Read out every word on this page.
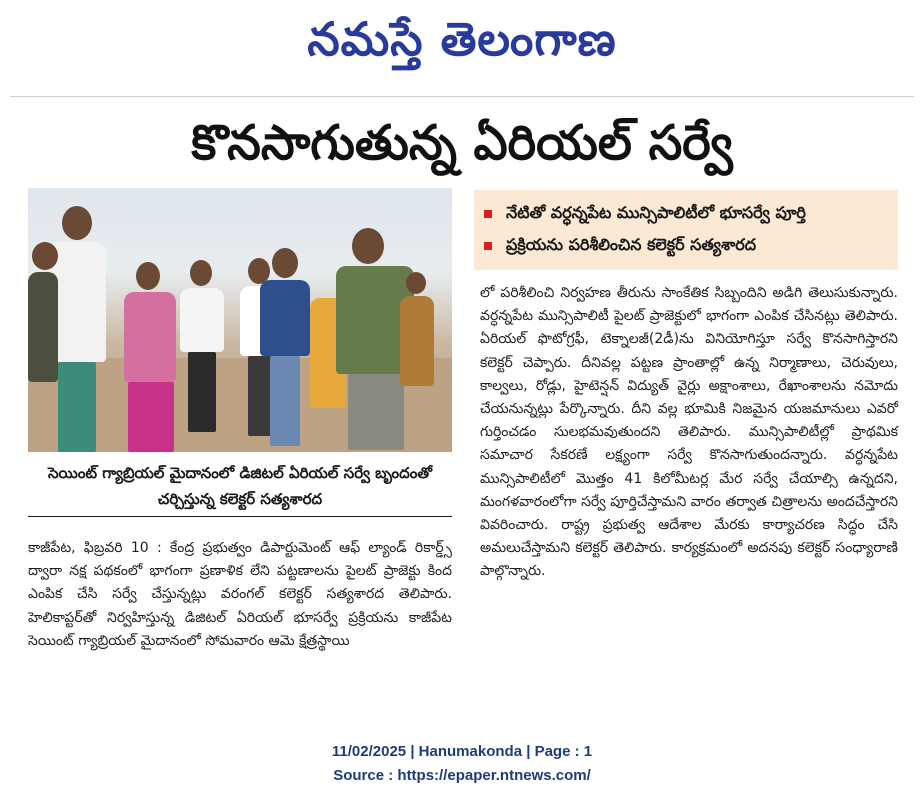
నమస్తే తెలంగాణ
కొనసాగుతున్న ఏరియల్ సర్వే
సెయింట్ గ్యాబ్రియల్ మైదానంలో డిజిటల్ ఏరియల్ సర్వే బృందంతో చర్చిస్తున్న కలెక్టర్ సత్యశారద
నేటితో వర్ధన్నపేట మున్సిపాలిటీలో భూసర్వే పూర్తి
ప్రక్రియను పరిశీలించిన కలెక్టర్ సత్యశారద

కాజీపేట, ఫిబ్రవరి 10 : కేంద్ర ప్రభుత్వం డిపార్టుమెంట్ ఆఫ్ ల్యాండ్ రికార్డ్స్ ద్వారా నక్ష పథకంలో భాగంగా ప్రణాళిక లేని పట్టణాలను పైలట్ ప్రాజెక్టు కింద ఎంపిక చేసి సర్వే చేస్తున్నట్లు వరంగల్ కలెక్టర్ సత్యశారద తెలిపారు. హెలికాప్టర్‌తో నిర్వహిస్తున్న డిజిటల్ ఏరియల్ భూసర్వే ప్రక్రియను కాజీపేట సెయింట్ గ్యాబ్రియల్ మైదానంలో సోమవారం ఆమె క్షేత్రస్థాయి

లో పరిశీలించి నిర్వహణ తీరును సాంకేతిక సిబ్బందిని అడిగి తెలుసుకున్నారు. వర్ధన్నపేట మున్సిపాలిటీ పైలట్ ప్రాజెక్టులో భాగంగా ఎంపిక చేసినట్లు తెలిపారు. ఏరియల్ ఫొటోగ్రఫీ, టెక్నాలజీ(2డీ)ను వినియోగిస్తూ సర్వే కొనసాగిస్తారని కలెక్టర్ చెప్పారు. దీనివల్ల పట్టణ ప్రాంతాల్లో ఉన్న నిర్మాణాలు, చెరువులు, కాల్వలు, రోడ్లు, హైటెన్షన్ విద్యుత్ వైర్లు అక్షాంశాలు, రేఖాంశాలను నమోదు చేయనున్నట్లు పేర్కొన్నారు. దీని వల్ల భూమికి నిజమైన యజమానులు ఎవరో గుర్తించడం సులభమవుతుందని తెలిపారు. మున్సిపాలిటీల్లో ప్రాథమిక సమాచార సేకరణే లక్ష్యంగా సర్వే కొనసాగుతుందన్నారు. వర్ధన్నపేట మున్సిపాలిటీలో మొత్తం 41 కిలోమీటర్ల మేర సర్వే చేయాల్సి ఉన్నదని, మంగళవారంలోగా సర్వే పూర్తిచేస్తామని వారం తర్వాత చిత్రాలను అందచేస్తారని వివరించారు. రాష్ట్ర ప్రభుత్వ ఆదేశాల మేరకు కార్యాచరణ సిద్ధం చేసి అమలుచేస్తామని కలెక్టర్ తెలిపారు. కార్యక్రమంలో అదనపు కలెక్టర్ సంధ్యారాణి పాల్గొన్నారు.

11/02/2025 | Hanumakonda | Page : 1
Source : https://epaper.ntnews.com/
